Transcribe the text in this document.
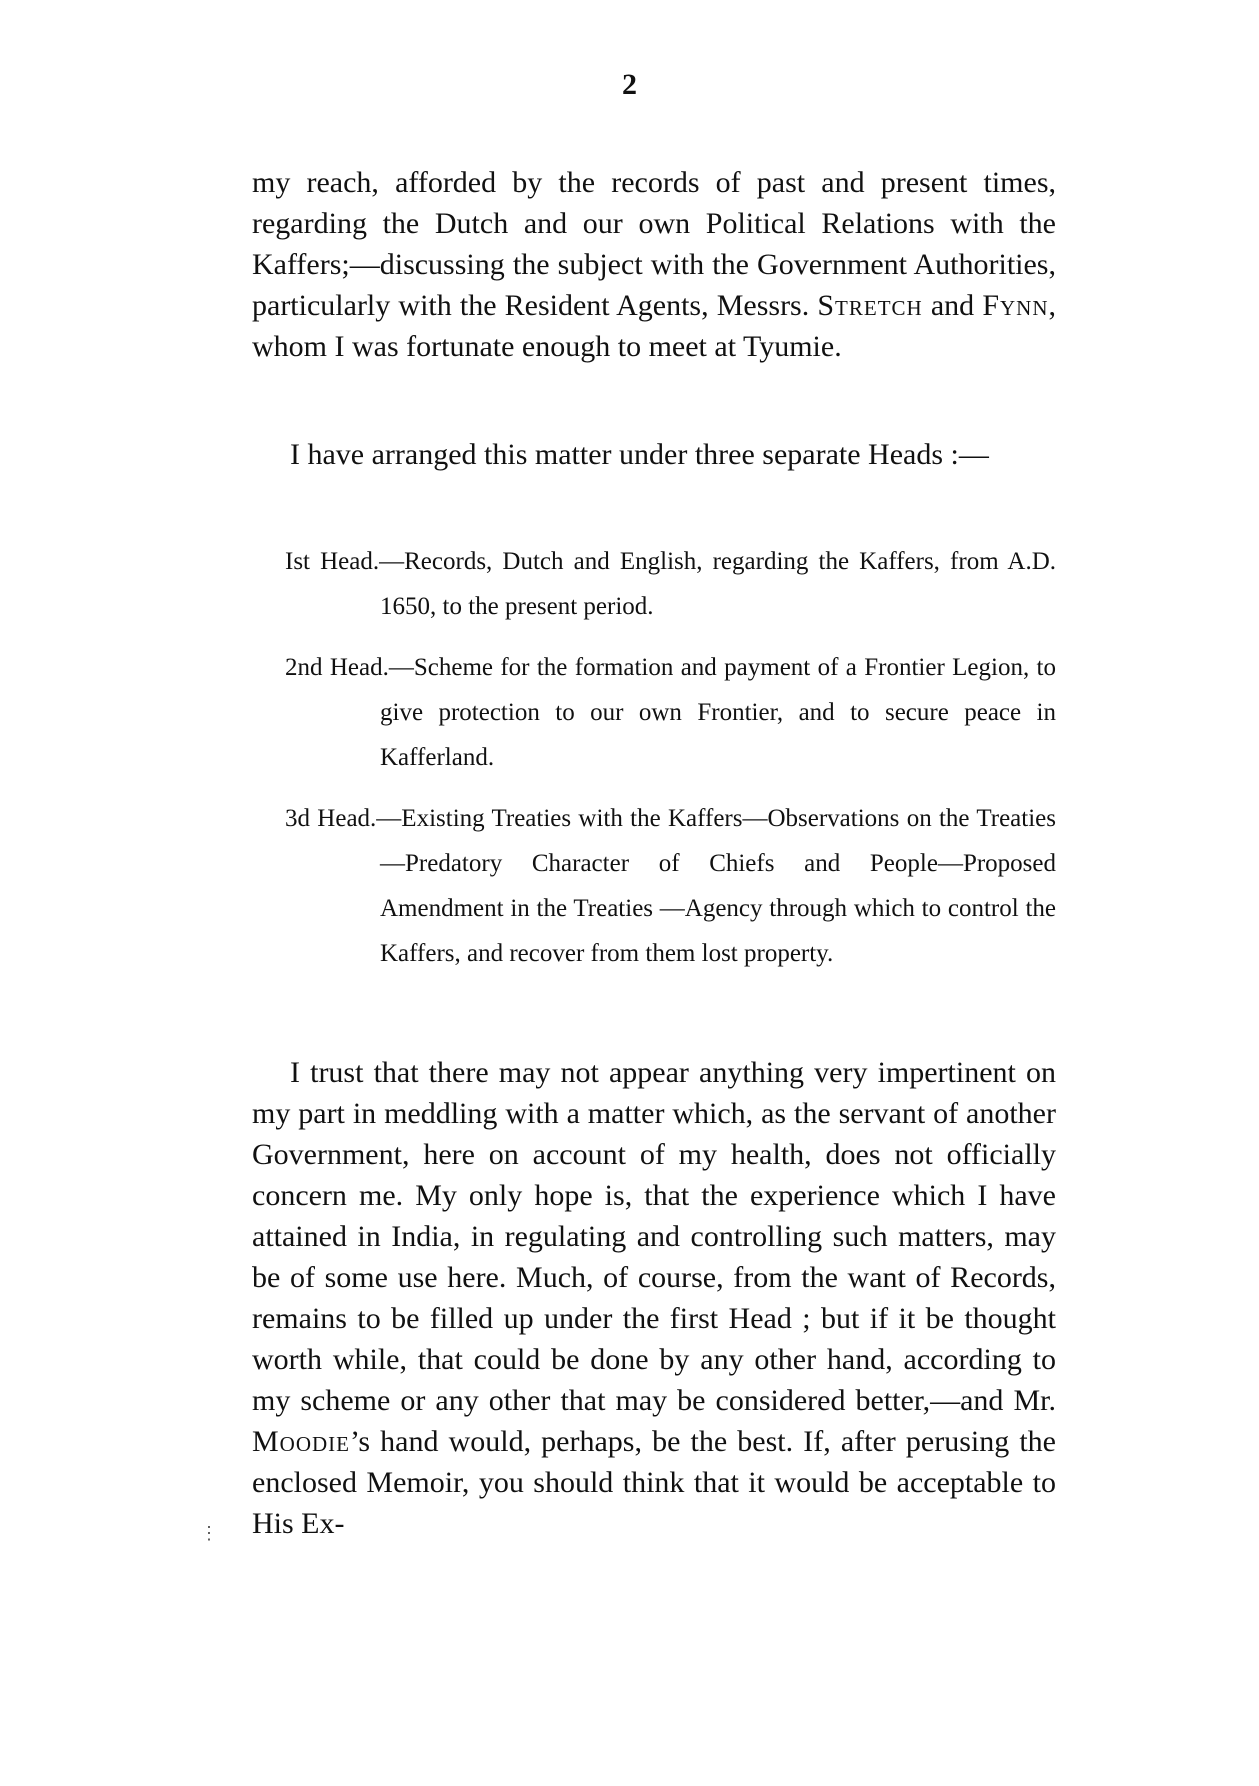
2

my reach, afforded by the records of past and present times, regarding the Dutch and our own Political Relations with the Kaffers;—discussing the subject with the Government Authorities, particularly with the Resident Agents, Messrs. Stretch and Fynn, whom I was fortunate enough to meet at Tyumie.

I have arranged this matter under three separate Heads :—

Ist Head.—Records, Dutch and English, regarding the Kaffers, from A.D. 1650, to the present period.
2nd Head.—Scheme for the formation and payment of a Frontier Legion, to give protection to our own Frontier, and to secure peace in Kafferland.
3d Head.—Existing Treaties with the Kaffers—Observations on the Treaties—Predatory Character of Chiefs and People—Proposed Amendment in the Treaties —Agency through which to control the Kaffers, and recover from them lost property.

I trust that there may not appear anything very impertinent on my part in meddling with a matter which, as the servant of another Government, here on account of my health, does not officially concern me. My only hope is, that the experience which I have attained in India, in regulating and controlling such matters, may be of some use here. Much, of course, from the want of Records, remains to be filled up under the first Head ; but if it be thought worth while, that could be done by any other hand, according to my scheme or any other that may be considered better,—and Mr. Moodie’s hand would, perhaps, be the best. If, after perusing the enclosed Memoir, you should think that it would be acceptable to His Ex-

⋮
